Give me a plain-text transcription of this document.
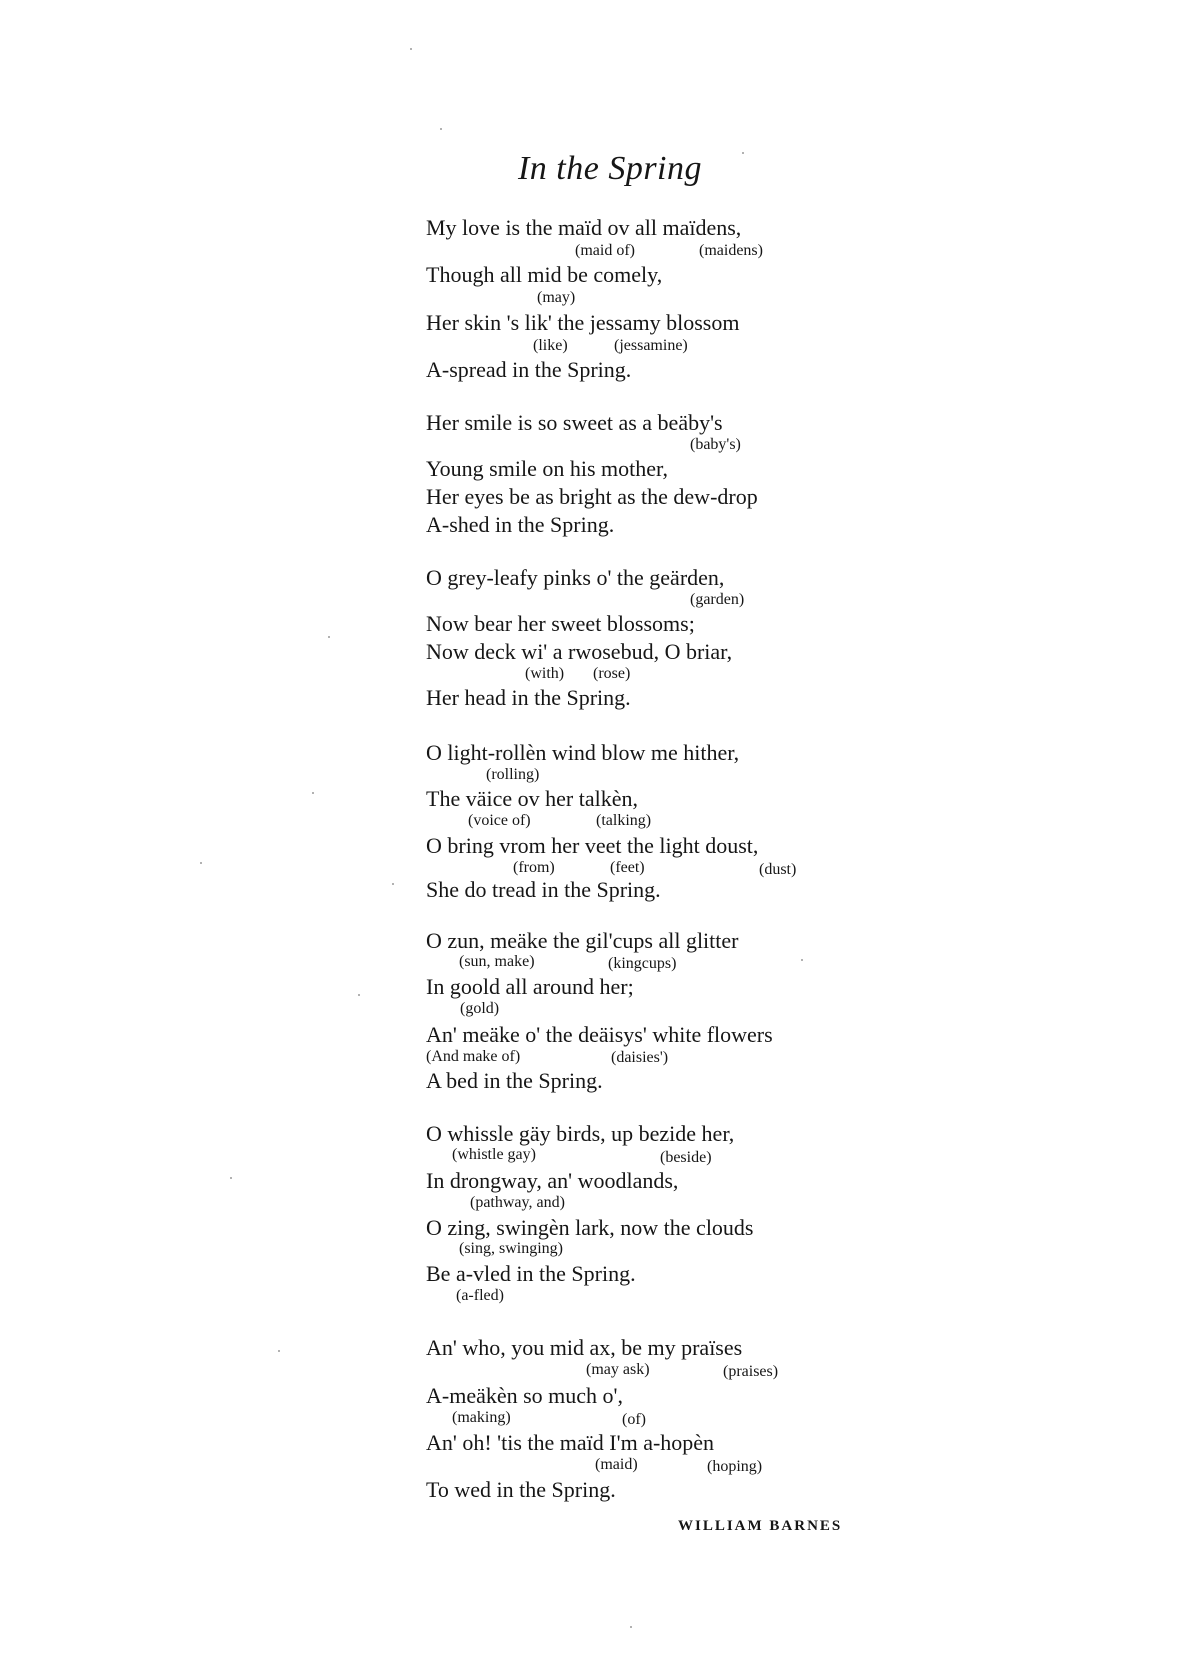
In the Spring
My love is the maïd ov all maïdens,
(maid of)	(maidens)
Though all mid be comely,
(may)
Her skin 's lik' the jessamy blossom
(like)	(jessamine)
A-spread in the Spring.
Her smile is so sweet as a beäby's
(baby's)
Young smile on his mother,
Her eyes be as bright as the dew-drop
A-shed in the Spring.
O grey-leafy pinks o' the geärden,
(garden)
Now bear her sweet blossoms;
Now deck wi' a rwosebud, O briar,
(with) (rose)
Her head in the Spring.
O light-rollèn wind blow me hither,
(rolling)
The väice ov her talkèn,
(voice of)	(talking)
O bring vrom her veet the light doust,
(from)	(feet)	(dust)
She do tread in the Spring.
O zun, meäke the gil'cups all glitter
(sun, make)	(kingcups)
In goold all around her;
(gold)
An' meäke o' the deäisys' white flowers
(And make of)	(daisies')
A bed in the Spring.
O whissle gäy birds, up bezide her,
(whistle gay)	(beside)
In drongway, an' woodlands,
(pathway, and)
O zing, swingèn lark, now the clouds
(sing, swinging)
Be a-vled in the Spring.
(a-fled)
An' who, you mid ax, be my praïses
(may ask)	(praises)
A-meäkèn so much o',
(making)	(of)
An' oh! 'tis the maïd I'm a-hopèn
(maid)	(hoping)
To wed in the Spring.

WILLIAM BARNES
